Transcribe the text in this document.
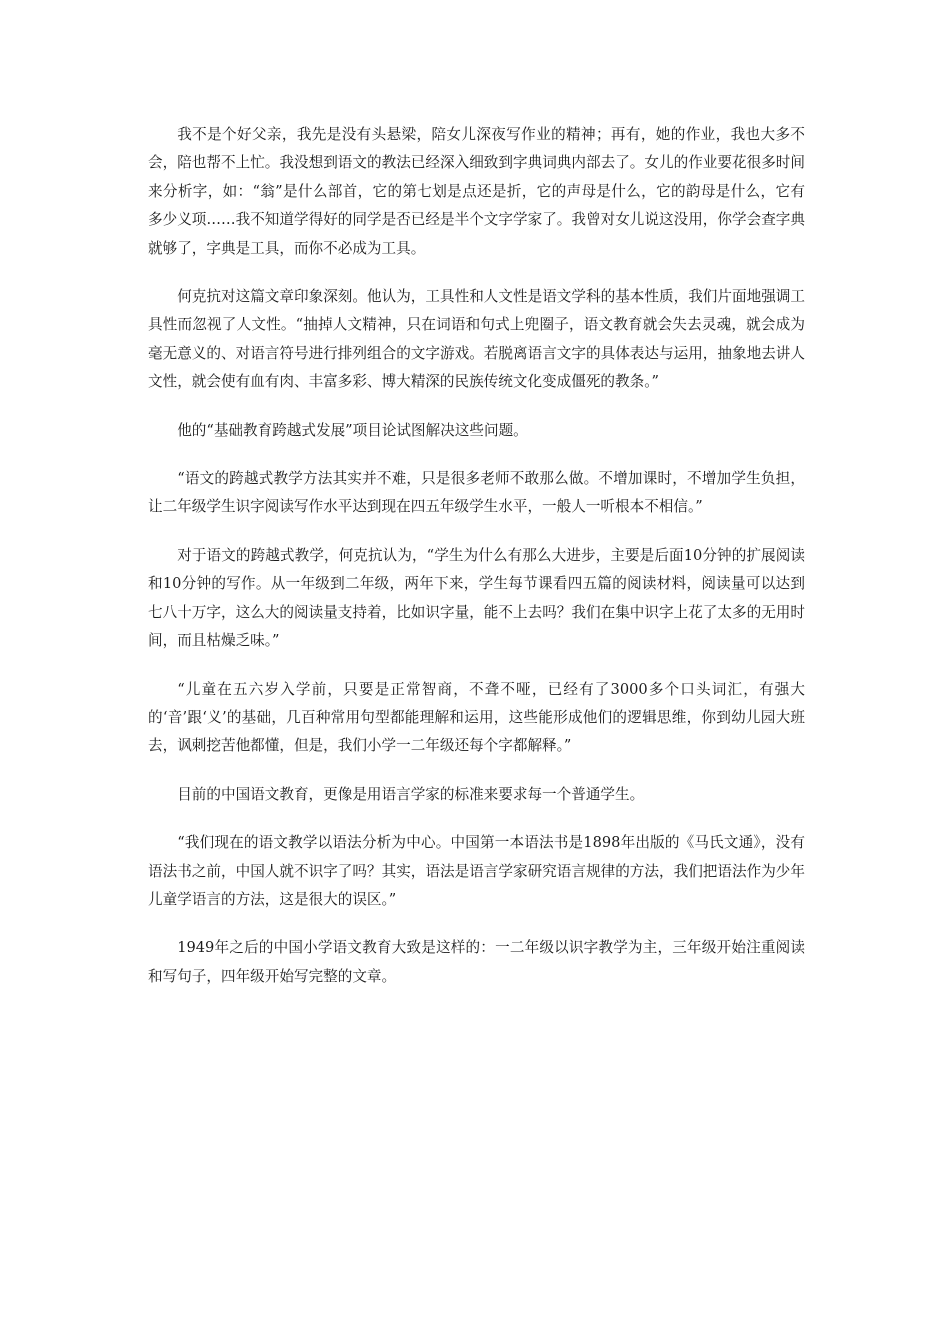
我不是个好父亲，我先是没有头悬梁，陪女儿深夜写作业的精神；再有，她的作业，我也大多不会，陪也帮不上忙。我没想到语文的教法已经深入细致到字典词典内部去了。女儿的作业要花很多时间来分析字，如：“翁”是什么部首，它的第七划是点还是折，它的声母是什么，它的韵母是什么，它有多少义项……我不知道学得好的同学是否已经是半个文字学家了。我曾对女儿说这没用，你学会查字典就够了，字典是工具，而你不必成为工具。

何克抗对这篇文章印象深刻。他认为，工具性和人文性是语文学科的基本性质，我们片面地强调工具性而忽视了人文性。“抽掉人文精神，只在词语和句式上兜圈子，语文教育就会失去灵魂，就会成为毫无意义的、对语言符号进行排列组合的文字游戏。若脱离语言文字的具体表达与运用，抽象地去讲人文性，就会使有血有肉、丰富多彩、博大精深的民族传统文化变成僵死的教条。”

他的“基础教育跨越式发展”项目论试图解决这些问题。

“语文的跨越式教学方法其实并不难，只是很多老师不敢那么做。不增加课时，不增加学生负担，让二年级学生识字阅读写作水平达到现在四五年级学生水平，一般人一听根本不相信。”

对于语文的跨越式教学，何克抗认为，“学生为什么有那么大进步，主要是后面10分钟的扩展阅读和10分钟的写作。从一年级到二年级，两年下来，学生每节课看四五篇的阅读材料，阅读量可以达到七八十万字，这么大的阅读量支持着，比如识字量，能不上去吗？我们在集中识字上花了太多的无用时间，而且枯燥乏味。”

“儿童在五六岁入学前，只要是正常智商，不聋不哑，已经有了3000多个口头词汇，有强大的‘音’跟‘义’的基础，几百种常用句型都能理解和运用，这些能形成他们的逻辑思维，你到幼儿园大班去，讽刺挖苦他都懂，但是，我们小学一二年级还每个字都解释。”

目前的中国语文教育，更像是用语言学家的标准来要求每一个普通学生。

“我们现在的语文教学以语法分析为中心。中国第一本语法书是1898年出版的《马氏文通》，没有语法书之前，中国人就不识字了吗？其实，语法是语言学家研究语言规律的方法，我们把语法作为少年儿童学语言的方法，这是很大的误区。”

1949年之后的中国小学语文教育大致是这样的：一二年级以识字教学为主，三年级开始注重阅读和写句子，四年级开始写完整的文章。
